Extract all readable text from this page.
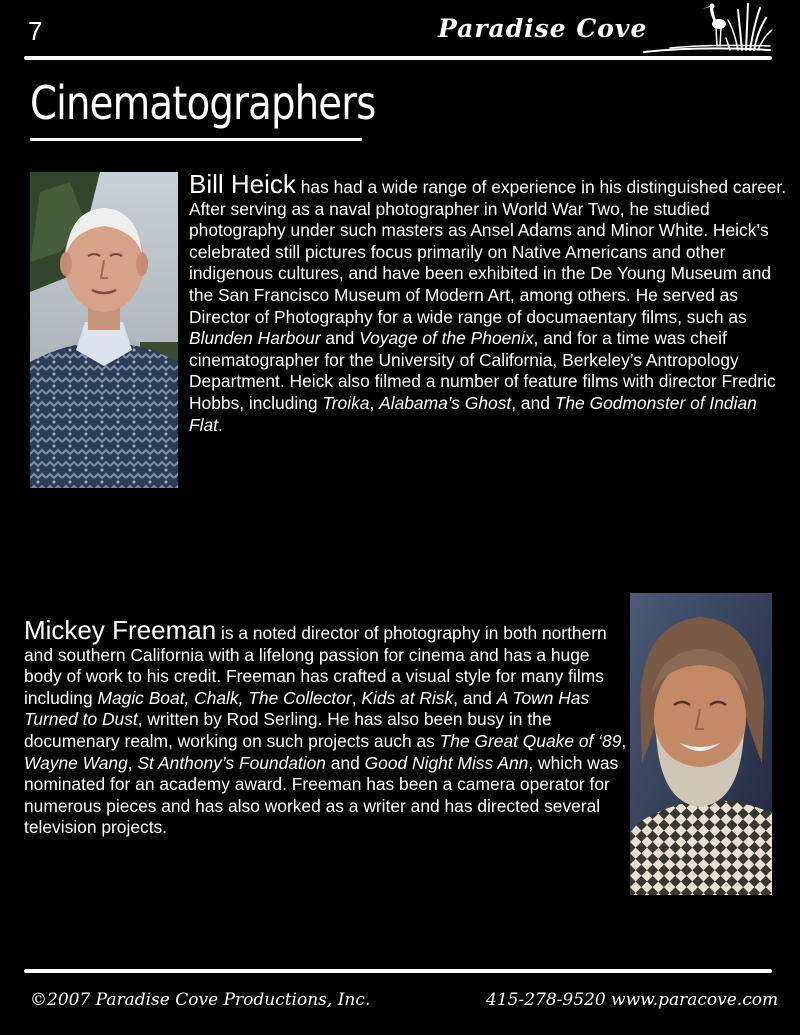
7	Paradise Cove
Cinematographers
Bill Heick has had a wide range of experience in his distinguished career. After serving as a naval photographer in World War Two, he studied photography under such masters as Ansel Adams and Minor White. Heick’s celebrated still pictures focus primarily on Native Americans and other indigenous cultures, and have been exhibited in the De Young Museum and the San Francisco Museum of Modern Art, among others. He served as Director of Photography for a wide range of documaentary films, such as Blunden Harbour and Voyage of the Phoenix, and for a time was cheif cinematographer for the University of California, Berkeley’s Antropology Department. Heick also filmed a number of feature films with director Fredric Hobbs, including Troika, Alabama’s Ghost, and The Godmonster of Indian Flat.
Mickey Freeman is a noted director of photography in both northern and southern California with a lifelong passion for cinema and has a huge body of work to his credit. Freeman has crafted a visual style for many films including Magic Boat, Chalk, The Collector, Kids at Risk, and A Town Has Turned to Dust, written by Rod Serling. He has also been busy in the documenary realm, working on such projects auch as The Great Quake of ‘89, Wayne Wang, St Anthony’s Foundation and Good Night Miss Ann, which was nominated for an academy award. Freeman has been a camera operator for numerous pieces and has also worked as a writer and has directed several television projects.
©2007 Paradise Cove Productions, Inc.	415-278-9520 www.paracove.com
